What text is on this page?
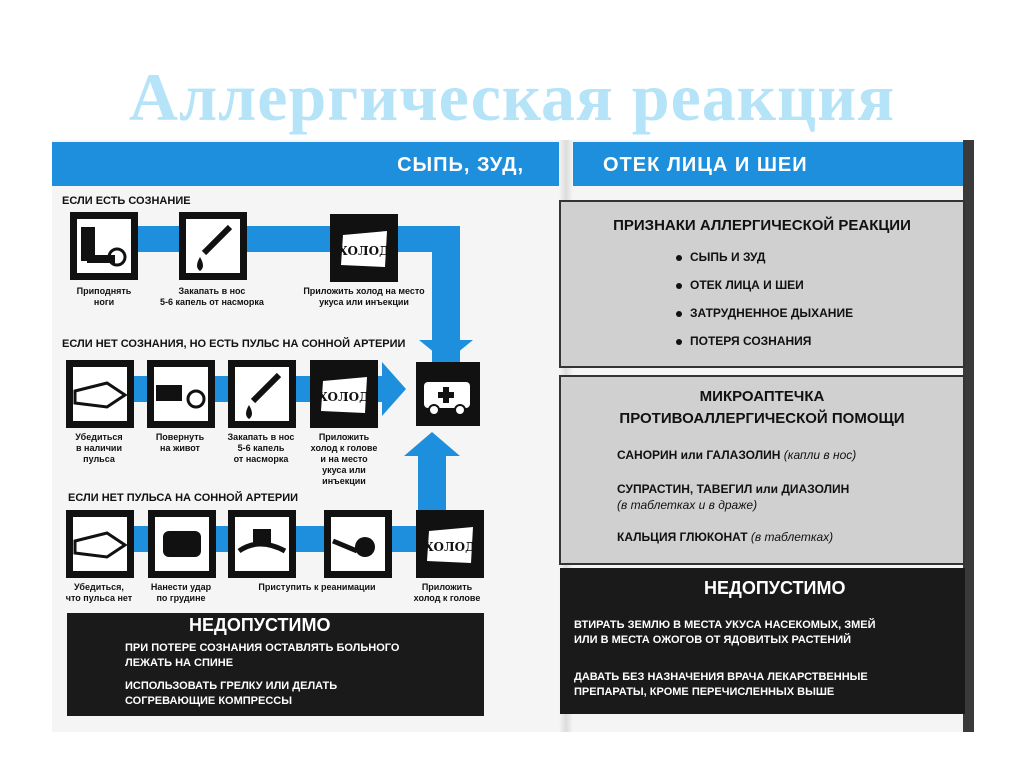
Аллергическая реакция
СЫПЬ, ЗУД,	ОТЕК ЛИЦА И ШЕИ
ЕСЛИ ЕСТЬ СОЗНАНИЕ
Приподнять
ноги
Закапать в нос
5-6 капель от насморка
ХОЛОД
Приложить холод на место
укуса или инъекции
ЕСЛИ НЕТ СОЗНАНИЯ, НО ЕСТЬ ПУЛЬС НА СОННОЙ АРТЕРИИ
Убедиться
в наличии
пульса
Повернуть
на живот
Закапать в нос
5-6 капель
от насморка
ХОЛОД
Приложить
холод к голове
и на место
укуса или
инъекции
ЕСЛИ НЕТ ПУЛЬСА НА СОННОЙ АРТЕРИИ
Убедиться,
что пульса нет
Нанести удар
по грудине
Приступить к реанимации
ХОЛОД
Приложить
холод к голове
НЕДОПУСТИМО
ПРИ ПОТЕРЕ СОЗНАНИЯ ОСТАВЛЯТЬ БОЛЬНОГО
ЛЕЖАТЬ НА СПИНЕ
ИСПОЛЬЗОВАТЬ ГРЕЛКУ ИЛИ ДЕЛАТЬ
СОГРЕВАЮЩИЕ КОМПРЕССЫ
ПРИЗНАКИ АЛЛЕРГИЧЕСКОЙ РЕАКЦИИ
СЫПЬ И ЗУД
ОТЕК ЛИЦА И ШЕИ
ЗАТРУДНЕННОЕ ДЫХАНИЕ
ПОТЕРЯ СОЗНАНИЯ
МИКРОАПТЕЧКА
ПРОТИВОАЛЛЕРГИЧЕСКОЙ ПОМОЩИ
САНОРИН или ГАЛАЗОЛИН (капли в нос)
СУПРАСТИН, ТАВЕГИЛ или ДИАЗОЛИН
(в таблетках и в драже)
КАЛЬЦИЯ ГЛЮКОНАТ (в таблетках)
НЕДОПУСТИМО
ВТИРАТЬ ЗЕМЛЮ В МЕСТА УКУСА НАСЕКОМЫХ, ЗМЕЙ
ИЛИ В МЕСТА ОЖОГОВ ОТ ЯДОВИТЫХ РАСТЕНИЙ
ДАВАТЬ БЕЗ НАЗНАЧЕНИЯ ВРАЧА ЛЕКАРСТВЕННЫЕ
ПРЕПАРАТЫ, КРОМЕ ПЕРЕЧИСЛЕННЫХ ВЫШЕ
